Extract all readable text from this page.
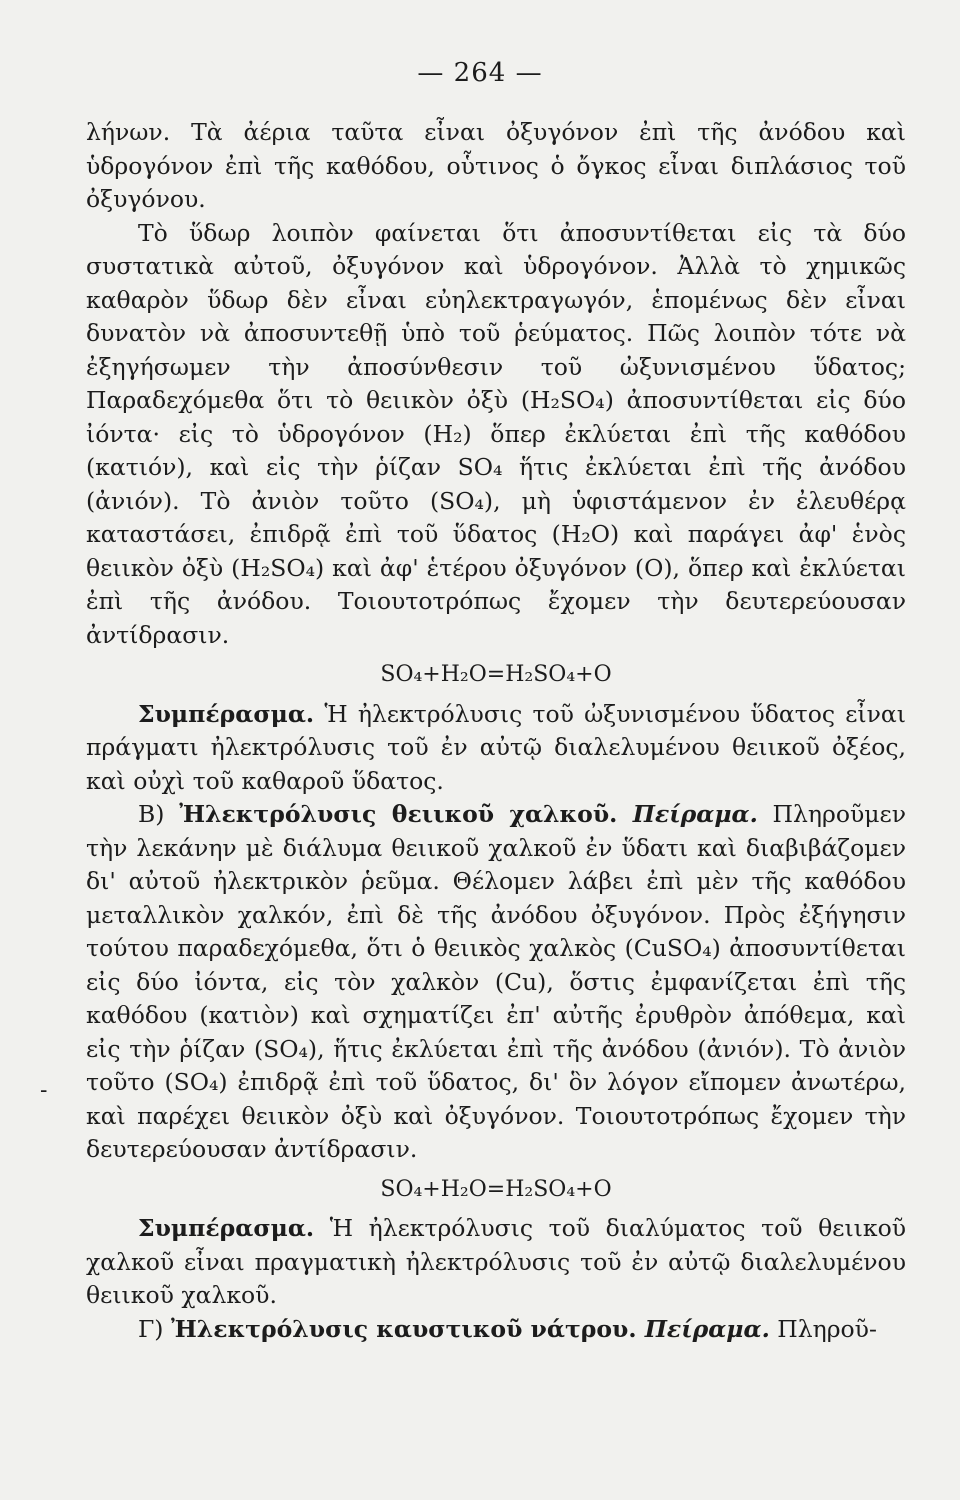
— 264 —

λήνων. Τὰ ἀέρια ταῦτα εἶναι ὀξυγόνον ἐπὶ τῆς ἀνόδου καὶ ὑδρογόνον ἐπὶ τῆς καθόδου, οὗτινος ὁ ὄγκος εἶναι διπλάσιος τοῦ ὀξυγόνου.

Τὸ ὕδωρ λοιπὸν φαίνεται ὅτι ἀποσυντίθεται εἰς τὰ δύο συστατικὰ αὐτοῦ, ὀξυγόνον καὶ ὑδρογόνον. Ἀλλὰ τὸ χημικῶς καθαρὸν ὕδωρ δὲν εἶναι εὐηλεκτραγωγόν, ἑπομένως δὲν εἶναι δυνατὸν νὰ ἀποσυντεθῇ ὑπὸ τοῦ ῥεύματος. Πῶς λοιπὸν τότε νὰ ἐξηγήσωμεν τὴν ἀποσύνθεσιν τοῦ ὠξυνισμένου ὕδατος; Παραδεχόμεθα ὅτι τὸ θειικὸν ὀξὺ (H₂SO₄) ἀποσυντίθεται εἰς δύο ἰόντα· εἰς τὸ ὑδρογόνον (H₂) ὅπερ ἐκλύεται ἐπὶ τῆς καθόδου (κατιόν), καὶ εἰς τὴν ῥίζαν SO₄ ἥτις ἐκλύεται ἐπὶ τῆς ἀνόδου (ἀνιόν). Τὸ ἀνιὸν τοῦτο (SO₄), μὴ ὑφιστάμενον ἐν ἐλευθέρᾳ καταστάσει, ἐπιδρᾷ ἐπὶ τοῦ ὕδατος (H₂O) καὶ παράγει ἀφ' ἑνὸς θειικὸν ὀξὺ (H₂SO₄) καὶ ἀφ' ἑτέρου ὀξυγόνον (O), ὅπερ καὶ ἐκλύεται ἐπὶ τῆς ἀνόδου. Τοιουτοτρόπως ἔχομεν τὴν δευτερεύουσαν ἀντίδρασιν.

SO₄+H₂O=H₂SO₄+O

Συμπέρασμα. Ἡ ἠλεκτρόλυσις τοῦ ὠξυνισμένου ὕδατος εἶναι πράγματι ἠλεκτρόλυσις τοῦ ἐν αὐτῷ διαλελυμένου θειικοῦ ὀξέος, καὶ οὐχὶ τοῦ καθαροῦ ὕδατος.

B) Ἠλεκτρόλυσις θειικοῦ χαλκοῦ. Πείραμα. Πληροῦμεν τὴν λεκάνην μὲ διάλυμα θειικοῦ χαλκοῦ ἐν ὕδατι καὶ διαβιβάζομεν δι' αὐτοῦ ἠλεκτρικὸν ῥεῦμα. Θέλομεν λάβει ἐπὶ μὲν τῆς καθόδου μεταλλικὸν χαλκόν, ἐπὶ δὲ τῆς ἀνόδου ὀξυγόνον. Πρὸς ἐξήγησιν τούτου παραδεχόμεθα, ὅτι ὁ θειικὸς χαλκὸς (CuSO₄) ἀποσυντίθεται εἰς δύο ἰόντα, εἰς τὸν χαλκὸν (Cu), ὅστις ἐμφανίζεται ἐπὶ τῆς καθόδου (κατιὸν) καὶ σχηματίζει ἐπ' αὐτῆς ἐρυθρὸν ἀπόθεμα, καὶ εἰς τὴν ῥίζαν (SO₄), ἥτις ἐκλύεται ἐπὶ τῆς ἀνόδου (ἀνιόν). Τὸ ἀνιὸν τοῦτο (SO₄) ἐπιδρᾷ ἐπὶ τοῦ ὕδατος, δι' ὃν λόγον εἴπομεν ἀνωτέρω, καὶ παρέχει θειικὸν ὀξὺ καὶ ὀξυγόνον. Τοιουτοτρόπως ἔχομεν τὴν δευτερεύουσαν ἀντίδρασιν.

SO₄+H₂O=H₂SO₄+O

Συμπέρασμα. Ἡ ἠλεκτρόλυσις τοῦ διαλύματος τοῦ θειικοῦ χαλκοῦ εἶναι πραγματικὴ ἠλεκτρόλυσις τοῦ ἐν αὐτῷ διαλελυμένου θειικοῦ χαλκοῦ.

Γ) Ἠλεκτρόλυσις καυστικοῦ νάτρου. Πείραμα. Πληροῦ-

-
